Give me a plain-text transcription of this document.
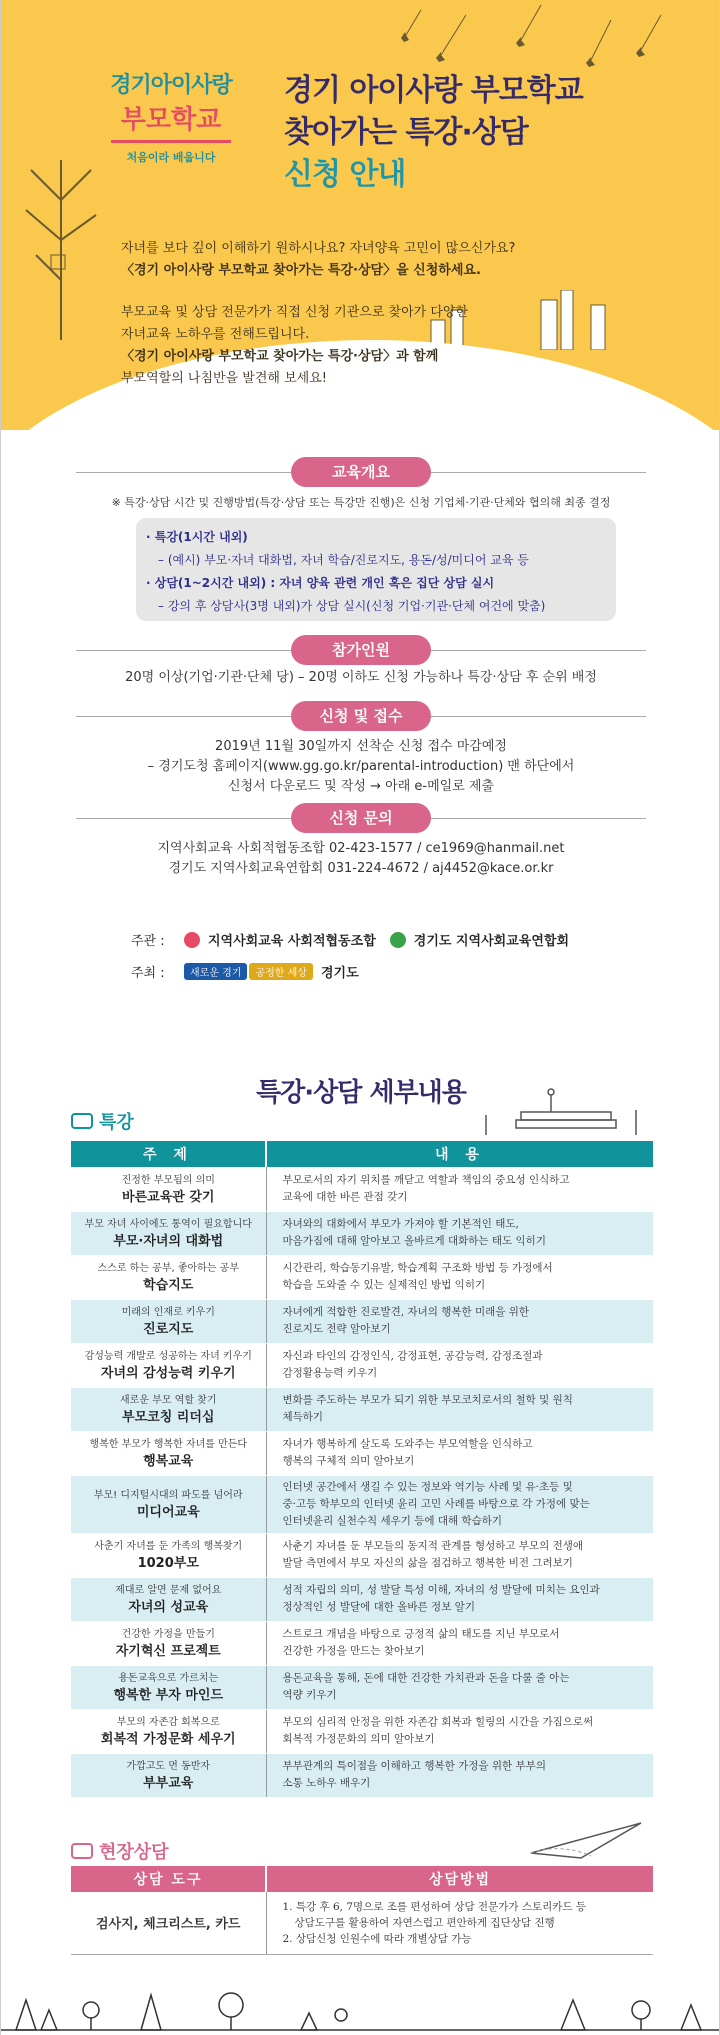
경기아이사랑
부모학교
처음이라 배웁니다
경기 아이사랑 부모학교
찾아가는 특강·상담
신청 안내

자녀를 보다 깊이 이해하기 원하시나요? 자녀양육 고민이 많으신가요?

〈경기 아이사랑 부모학교 찾아가는 특강·상담〉을 신청하세요.

부모교육 및 상담 전문가가 직접 신청 기관으로 찾아가 다양한

자녀교육 노하우를 전해드립니다.

〈경기 아이사랑 부모학교 찾아가는 특강·상담〉과 함께

부모역할의 나침반을 발견해 보세요!

교육개요
※ 특강·상담 시간 및 진행방법(특강·상담 또는 특강만 진행)은 신청 기업체·기관·단체와 협의해 최종 결정
· 특강(1시간 내외)
– (예시) 부모·자녀 대화법, 자녀 학습/진로지도, 용돈/성/미디어 교육 등
· 상담(1~2시간 내외) : 자녀 양육 관련 개인 혹은 집단 상담 실시
– 강의 후 상담사(3명 내외)가 상담 실시(신청 기업·기관·단체 여건에 맞춤)
참가인원
20명 이상(기업·기관·단체 당) – 20명 이하도 신청 가능하나 특강·상담 후 순위 배정
신청 및 접수
2019년 11월 30일까지 선착순 신청 접수 마감예정
– 경기도청 홈페이지(www.gg.go.kr/parental-introduction) 맨 하단에서
신청서 다운로드 및 작성 → 아래 e-메일로 제출
신청 문의
지역사회교육 사회적협동조합 02-423-1577 / ce1969@hanmail.net
경기도 지역사회교육연합회 031-224-4672 / aj4452@kace.or.kr
주관 :	지역사회교육 사회적협동조합	경기도 지역사회교육연합회
주최 :	새로운 경기	공정한 세상	경기도
특강·상담 세부내용
특강
주 제	내 용

진정한 부모됨의 의미
바른교육관 갖기	부모로서의 자기 위치를 깨닫고 역할과 책임의 중요성 인식하고
교육에 대한 바른 관점 갖기

부모 자녀 사이에도 통역이 필요합니다
부모·자녀의 대화법	자녀와의 대화에서 부모가 가져야 할 기본적인 태도,
마음가짐에 대해 알아보고 올바르게 대화하는 태도 익히기

스스로 하는 공부, 좋아하는 공부
학습지도	시간관리, 학습동기유발, 학습계획 구조화 방법 등 가정에서
학습을 도와줄 수 있는 실제적인 방법 익히기

미래의 인재로 키우기
진로지도	자녀에게 적합한 진로발견, 자녀의 행복한 미래을 위한
진로지도 전략 알아보기

감성능력 개발로 성공하는 자녀 키우기
자녀의 감성능력 키우기	자신과 타인의 감정인식, 감정표현, 공감능력, 감정조절과
감정활용능력 키우기

새로운 부모 역할 찾기
부모코칭 리더십	변화를 주도하는 부모가 되기 위한 부모코치로서의 철학 및 원칙
체득하기

행복한 부모가 행복한 자녀를 만든다
행복교육	자녀가 행복하게 살도록 도와주는 부모역할을 인식하고
행복의 구체적 의미 알아보기

부모! 디지털시대의 파도를 넘어라
미디어교육	인터넷 공간에서 생길 수 있는 정보와 역기능 사례 및 유·초등 및
중·고등 학부모의 인터넷 윤리 고민 사례를 바탕으로 각 가정에 맞는
인터넷윤리 실천수칙 세우기 등에 대해 학습하기

사춘기 자녀를 둔 가족의 행복찾기
1020부모	사춘기 자녀를 둔 부모들의 동지적 관계를 형성하고 부모의 전생애
발달 측면에서 부모 자신의 삶을 점검하고 행복한 비전 그려보기

제대로 알면 문제 없어요
자녀의 성교육	성적 자립의 의미, 성 발달 특성 이해, 자녀의 성 발달에 미치는 요인과
정상적인 성 발달에 대한 올바른 정보 알기

건강한 가정을 만들기
자기혁신 프로젝트	스트로크 개념을 바탕으로 긍정적 삶의 태도를 지닌 부모로서
건강한 가정을 만드는 찾아보기

용돈교육으로 가르치는
행복한 부자 마인드	용돈교육을 통해, 돈에 대한 건강한 가치관과 돈을 다룰 줄 아는
역량 키우기

부모의 자존감 회복으로
회복적 가정문화 세우기	부모의 심리적 안정을 위한 자존감 회복과 힐링의 시간을 가짐으로써
회복적 가정문화의 의미 알아보기

가깝고도 먼 동반자
부부교육	부부관계의 특이점을 이해하고 행복한 가정을 위한 부부의
소통 노하우 배우기
현장상담
상담 도구	상담방법
검사지, 체크리스트, 카드	1. 특강 후 6, 7명으로 조를 편성하여 상담 전문가가 스토리카드 등
상담도구를 활용하여 자연스럽고 편안하게 집단상담 진행
2. 상담신청 인원수에 따라 개별상담 가능
